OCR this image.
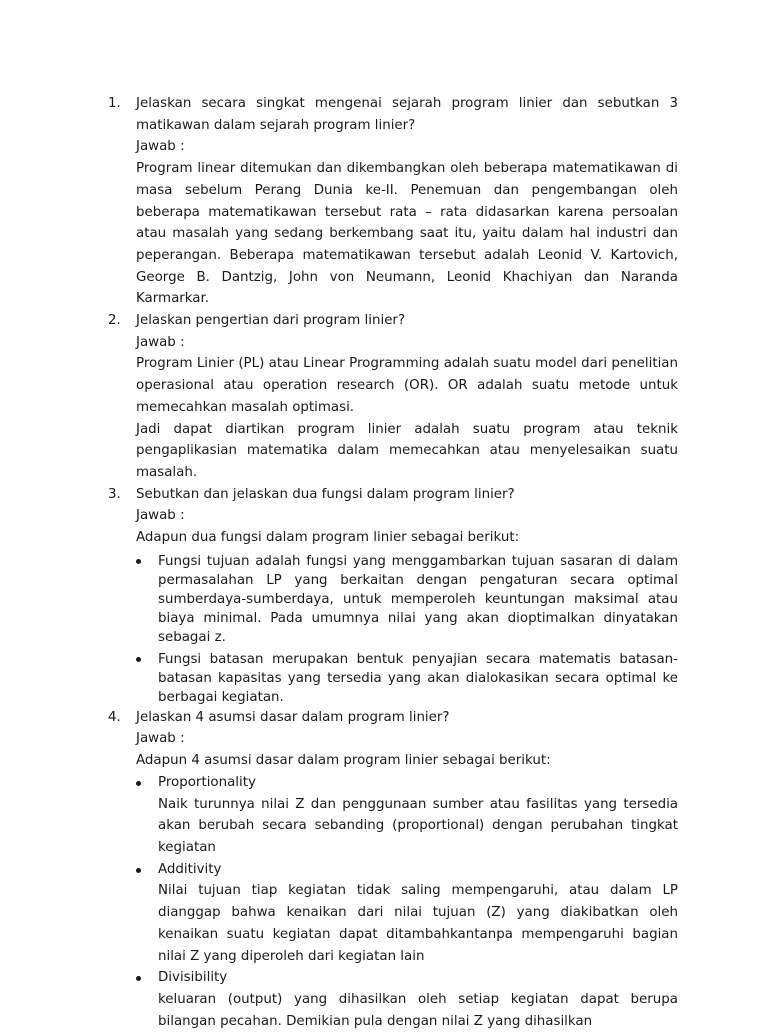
1.	Jelaskan secara singkat mengenai sejarah program linier dan sebutkan 3 matikawan dalam sejarah program linier?
Jawab :
Program linear ditemukan dan dikembangkan oleh beberapa matematikawan di masa sebelum Perang Dunia ke-II. Penemuan dan pengembangan oleh beberapa matematikawan tersebut rata – rata didasarkan karena persoalan atau masalah yang sedang berkembang saat itu, yaitu dalam hal industri dan peperangan. Beberapa matematikawan tersebut adalah Leonid V. Kartovich, George B. Dantzig, John von Neumann, Leonid Khachiyan dan Naranda Karmarkar.
2.	Jelaskan pengertian dari program linier?
Jawab :
Program Linier (PL) atau Linear Programming adalah suatu model dari penelitian operasional atau operation research (OR). OR adalah suatu metode untuk memecahkan masalah optimasi.
Jadi dapat diartikan program linier adalah suatu program atau teknik pengaplikasian matematika dalam memecahkan atau menyelesaikan suatu masalah.
3.	Sebutkan dan jelaskan dua fungsi dalam program linier?
Jawab :
Adapun dua fungsi dalam program linier sebagai berikut:
Fungsi tujuan adalah fungsi yang menggambarkan tujuan sasaran di dalam permasalahan LP yang berkaitan dengan pengaturan secara optimal sumberdaya-sumberdaya, untuk memperoleh keuntungan maksimal atau biaya minimal. Pada umumnya nilai yang akan dioptimalkan dinyatakan sebagai z.
Fungsi batasan merupakan bentuk penyajian secara matematis batasan-batasan kapasitas yang tersedia yang akan dialokasikan secara optimal ke berbagai kegiatan.
4.	Jelaskan 4 asumsi dasar dalam program linier?
Jawab :
Adapun 4 asumsi dasar dalam program linier sebagai berikut:
Proportionality
Naik turunnya nilai Z dan penggunaan sumber atau fasilitas yang tersedia akan berubah secara sebanding (proportional) dengan perubahan tingkat kegiatan
Additivity
Nilai tujuan tiap kegiatan tidak saling mempengaruhi, atau dalam LP dianggap bahwa kenaikan dari nilai tujuan (Z) yang diakibatkan oleh kenaikan suatu kegiatan dapat ditambahkantanpa mempengaruhi bagian nilai Z yang diperoleh dari kegiatan lain
Divisibility
keluaran (output) yang dihasilkan oleh setiap kegiatan dapat berupa bilangan pecahan. Demikian pula dengan nilai Z yang dihasilkan
